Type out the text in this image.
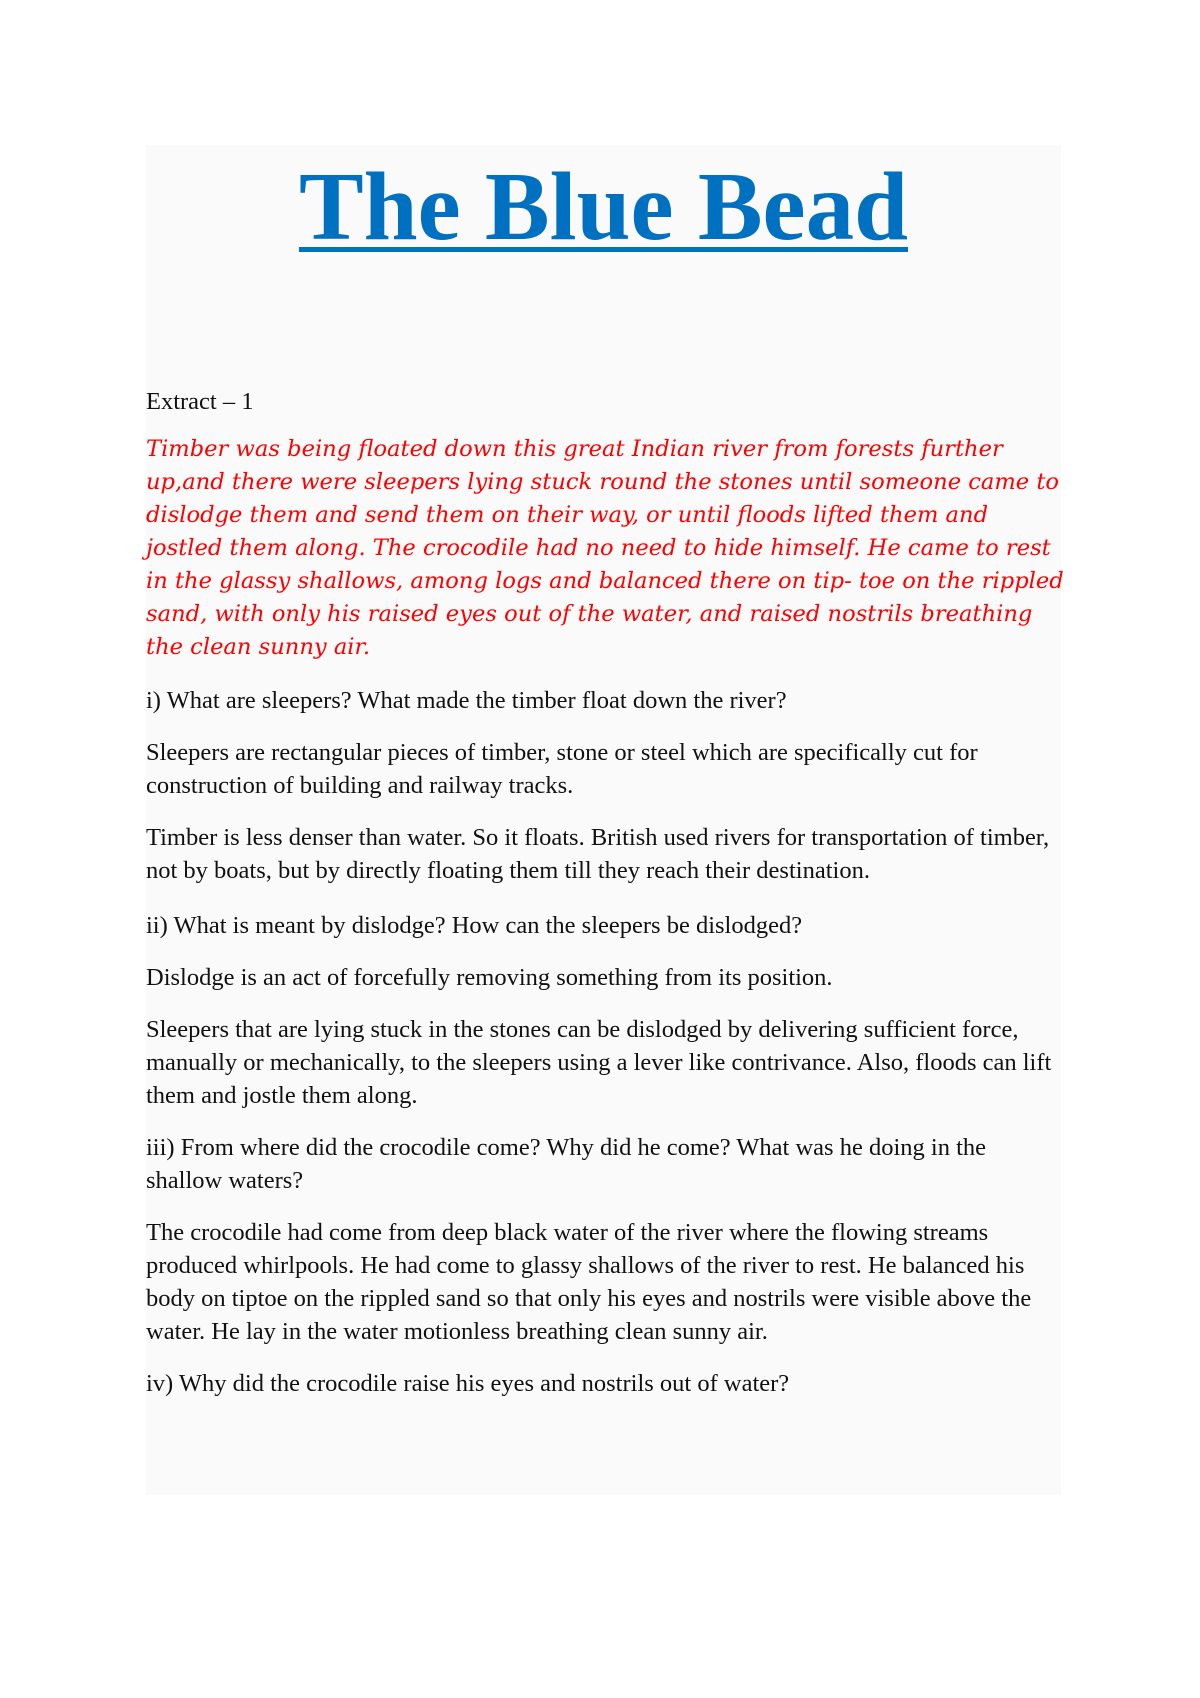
The Blue Bead

Extract – 1

Timber was being floated down this great Indian river from forests further up,and there were sleepers lying stuck round the stones until someone came to dislodge them and send them on their way, or until floods lifted them and jostled them along. The crocodile had no need to hide himself. He came to rest in the glassy shallows, among logs and balanced there on tip- toe on the rippled sand, with only his raised eyes out of the water, and raised nostrils breathing the clean sunny air.

i) What are sleepers? What made the timber float down the river?

Sleepers are rectangular pieces of timber, stone or steel which are specifically cut for construction of building and railway tracks.

Timber is less denser than water. So it floats. British used rivers for transportation of timber, not by boats, but by directly floating them till they reach their destination.

ii) What is meant by dislodge? How can the sleepers be dislodged?

Dislodge is an act of forcefully removing something from its position.

Sleepers that are lying stuck in the stones can be dislodged by delivering sufficient force, manually or mechanically, to the sleepers using a lever like contrivance. Also, floods can lift them and jostle them along.

iii) From where did the crocodile come? Why did he come? What was he doing in the shallow waters?

The crocodile had come from deep black water of the river where the flowing streams produced whirlpools. He had come to glassy shallows of the river to rest. He balanced his body on tiptoe on the rippled sand so that only his eyes and nostrils were visible above the water. He lay in the water motionless breathing clean sunny air.

iv) Why did the crocodile raise his eyes and nostrils out of water?
